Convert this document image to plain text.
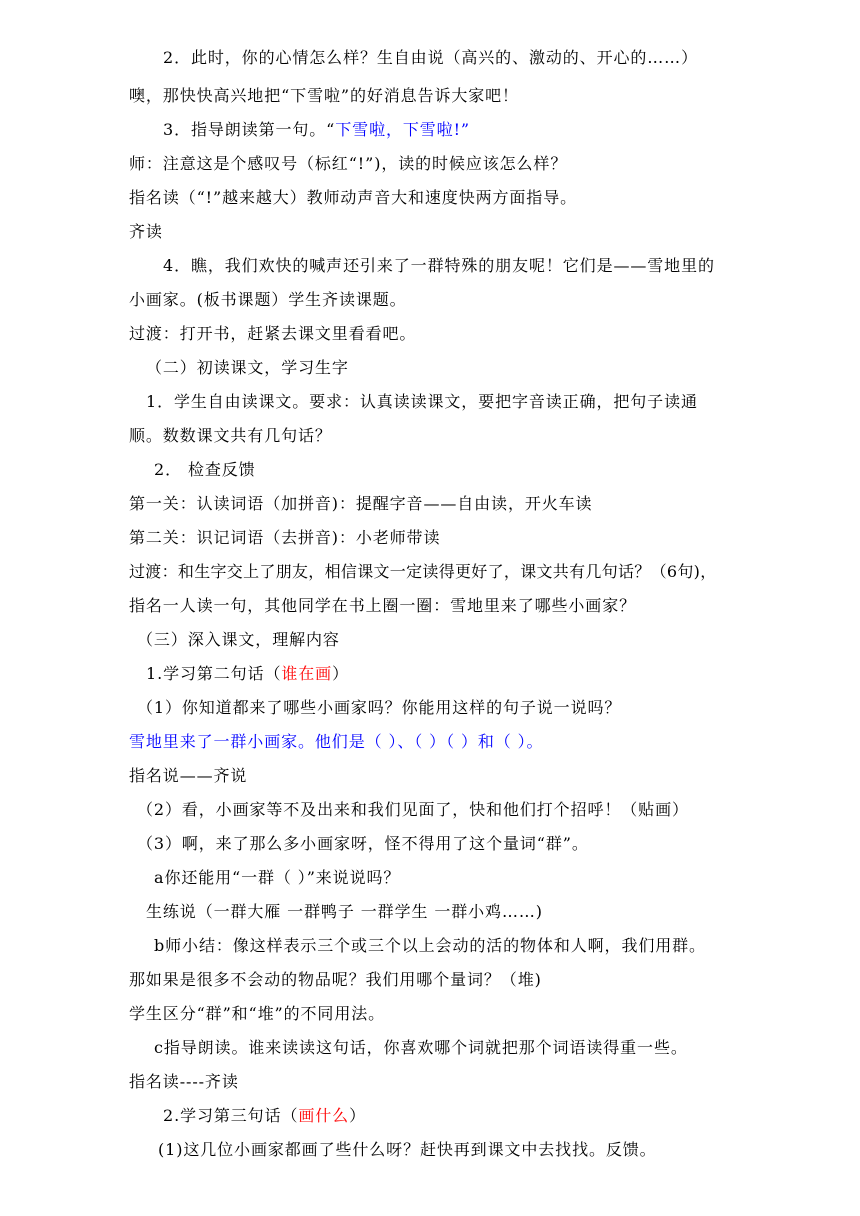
2．此时，你的心情怎么样？生自由说（高兴的、激动的、开心的……）
噢，那快快高兴地把“下雪啦”的好消息告诉大家吧！
3．指导朗读第一句。“下雪啦，下雪啦!”
师：注意这是个感叹号（标红“!”)，读的时候应该怎么样？
指名读（“!”越来越大）教师动声音大和速度快两方面指导。
齐读
4．瞧，我们欢快的喊声还引来了一群特殊的朋友呢！它们是——雪地里的
小画家。(板书课题）学生齐读课题。
过渡：打开书，赶紧去课文里看看吧。
（二）初读课文，学习生字
1．学生自由读课文。要求：认真读读课文，要把字音读正确，把句子读通
顺。数数课文共有几句话？
2． 检查反馈
第一关：认读词语（加拼音)：提醒字音——自由读，开火车读
第二关：识记词语（去拼音)：小老师带读
过渡：和生字交上了朋友，相信课文一定读得更好了，课文共有几句话？（6句)，
指名一人读一句，其他同学在书上圈一圈：雪地里来了哪些小画家？
（三）深入课文，理解内容
1.学习第二句话（谁在画）
（1）你知道都来了哪些小画家吗？你能用这样的句子说一说吗？
雪地里来了一群小画家。他们是（ ）、（ ）（ ）和（ ）。
指名说——齐说
（2）看，小画家等不及出来和我们见面了，快和他们打个招呼！（贴画）
（3）啊，来了那么多小画家呀，怪不得用了这个量词“群”。
a你还能用“一群（ ）”来说说吗？
生练说（一群大雁 一群鸭子 一群学生 一群小鸡……)
b师小结：像这样表示三个或三个以上会动的活的物体和人啊，我们用群。
那如果是很多不会动的物品呢？我们用哪个量词？（堆)
学生区分“群”和“堆”的不同用法。
c指导朗读。谁来读读这句话，你喜欢哪个词就把那个词语读得重一些。
指名读----齐读
2.学习第三句话（画什么）
(1)这几位小画家都画了些什么呀？赶快再到课文中去找找。反馈。
